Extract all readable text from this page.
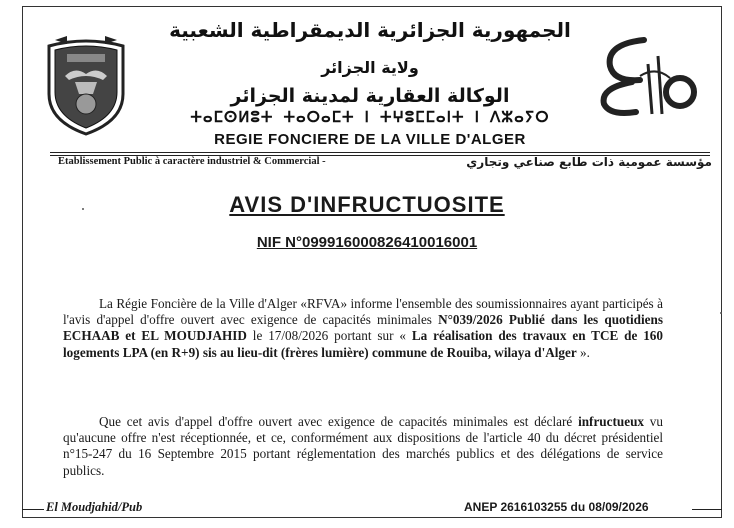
الجمهورية الجزائرية الديمقراطية الشعبية
ولاية الجزائر
الوكالة العقارية لمدينة الجزائر
ⵜⴰⵎⵙⵍⵓⵜ ⵜⴰⵔⴰⵎⵜ ⵏ ⵜⵖⵓⵎⵎⴰⵏⵜ ⵏ ⴷⵣⴰⵢⵔ
REGIE FONCIERE DE LA VILLE D'ALGER
Etablissement Public à caractère industriel & Commercial -	مؤسسة عمومية ذات طابع صناعي وتجاري
AVIS D'INFRUCTUOSITE
NIF N°099916000826410016001
La Régie Foncière de la Ville d'Alger «RFVA» informe l'ensemble des soumissionnaires ayant participés à l'avis d'appel d'offre ouvert avec exigence de capacités minimales N°039/2026 Publié dans les quotidiens ECHAAB et EL MOUDJAHID le 17/08/2026 portant sur « La réalisation des travaux en TCE de 160 logements LPA (en R+9) sis au lieu-dit (frères lumière) commune de Rouiba, wilaya d'Alger ».
Que cet avis d'appel d'offre ouvert avec exigence de capacités minimales est déclaré infructueux vu qu'aucune offre n'est réceptionnée, et ce, conformément aux dispositions de l'article 40 du décret présidentiel n°15-247 du 16 Septembre 2015 portant réglementation des marchés publics et des délégations de service publics.
El Moudjahid/Pub	ANEP 2616103255 du 08/09/2026
